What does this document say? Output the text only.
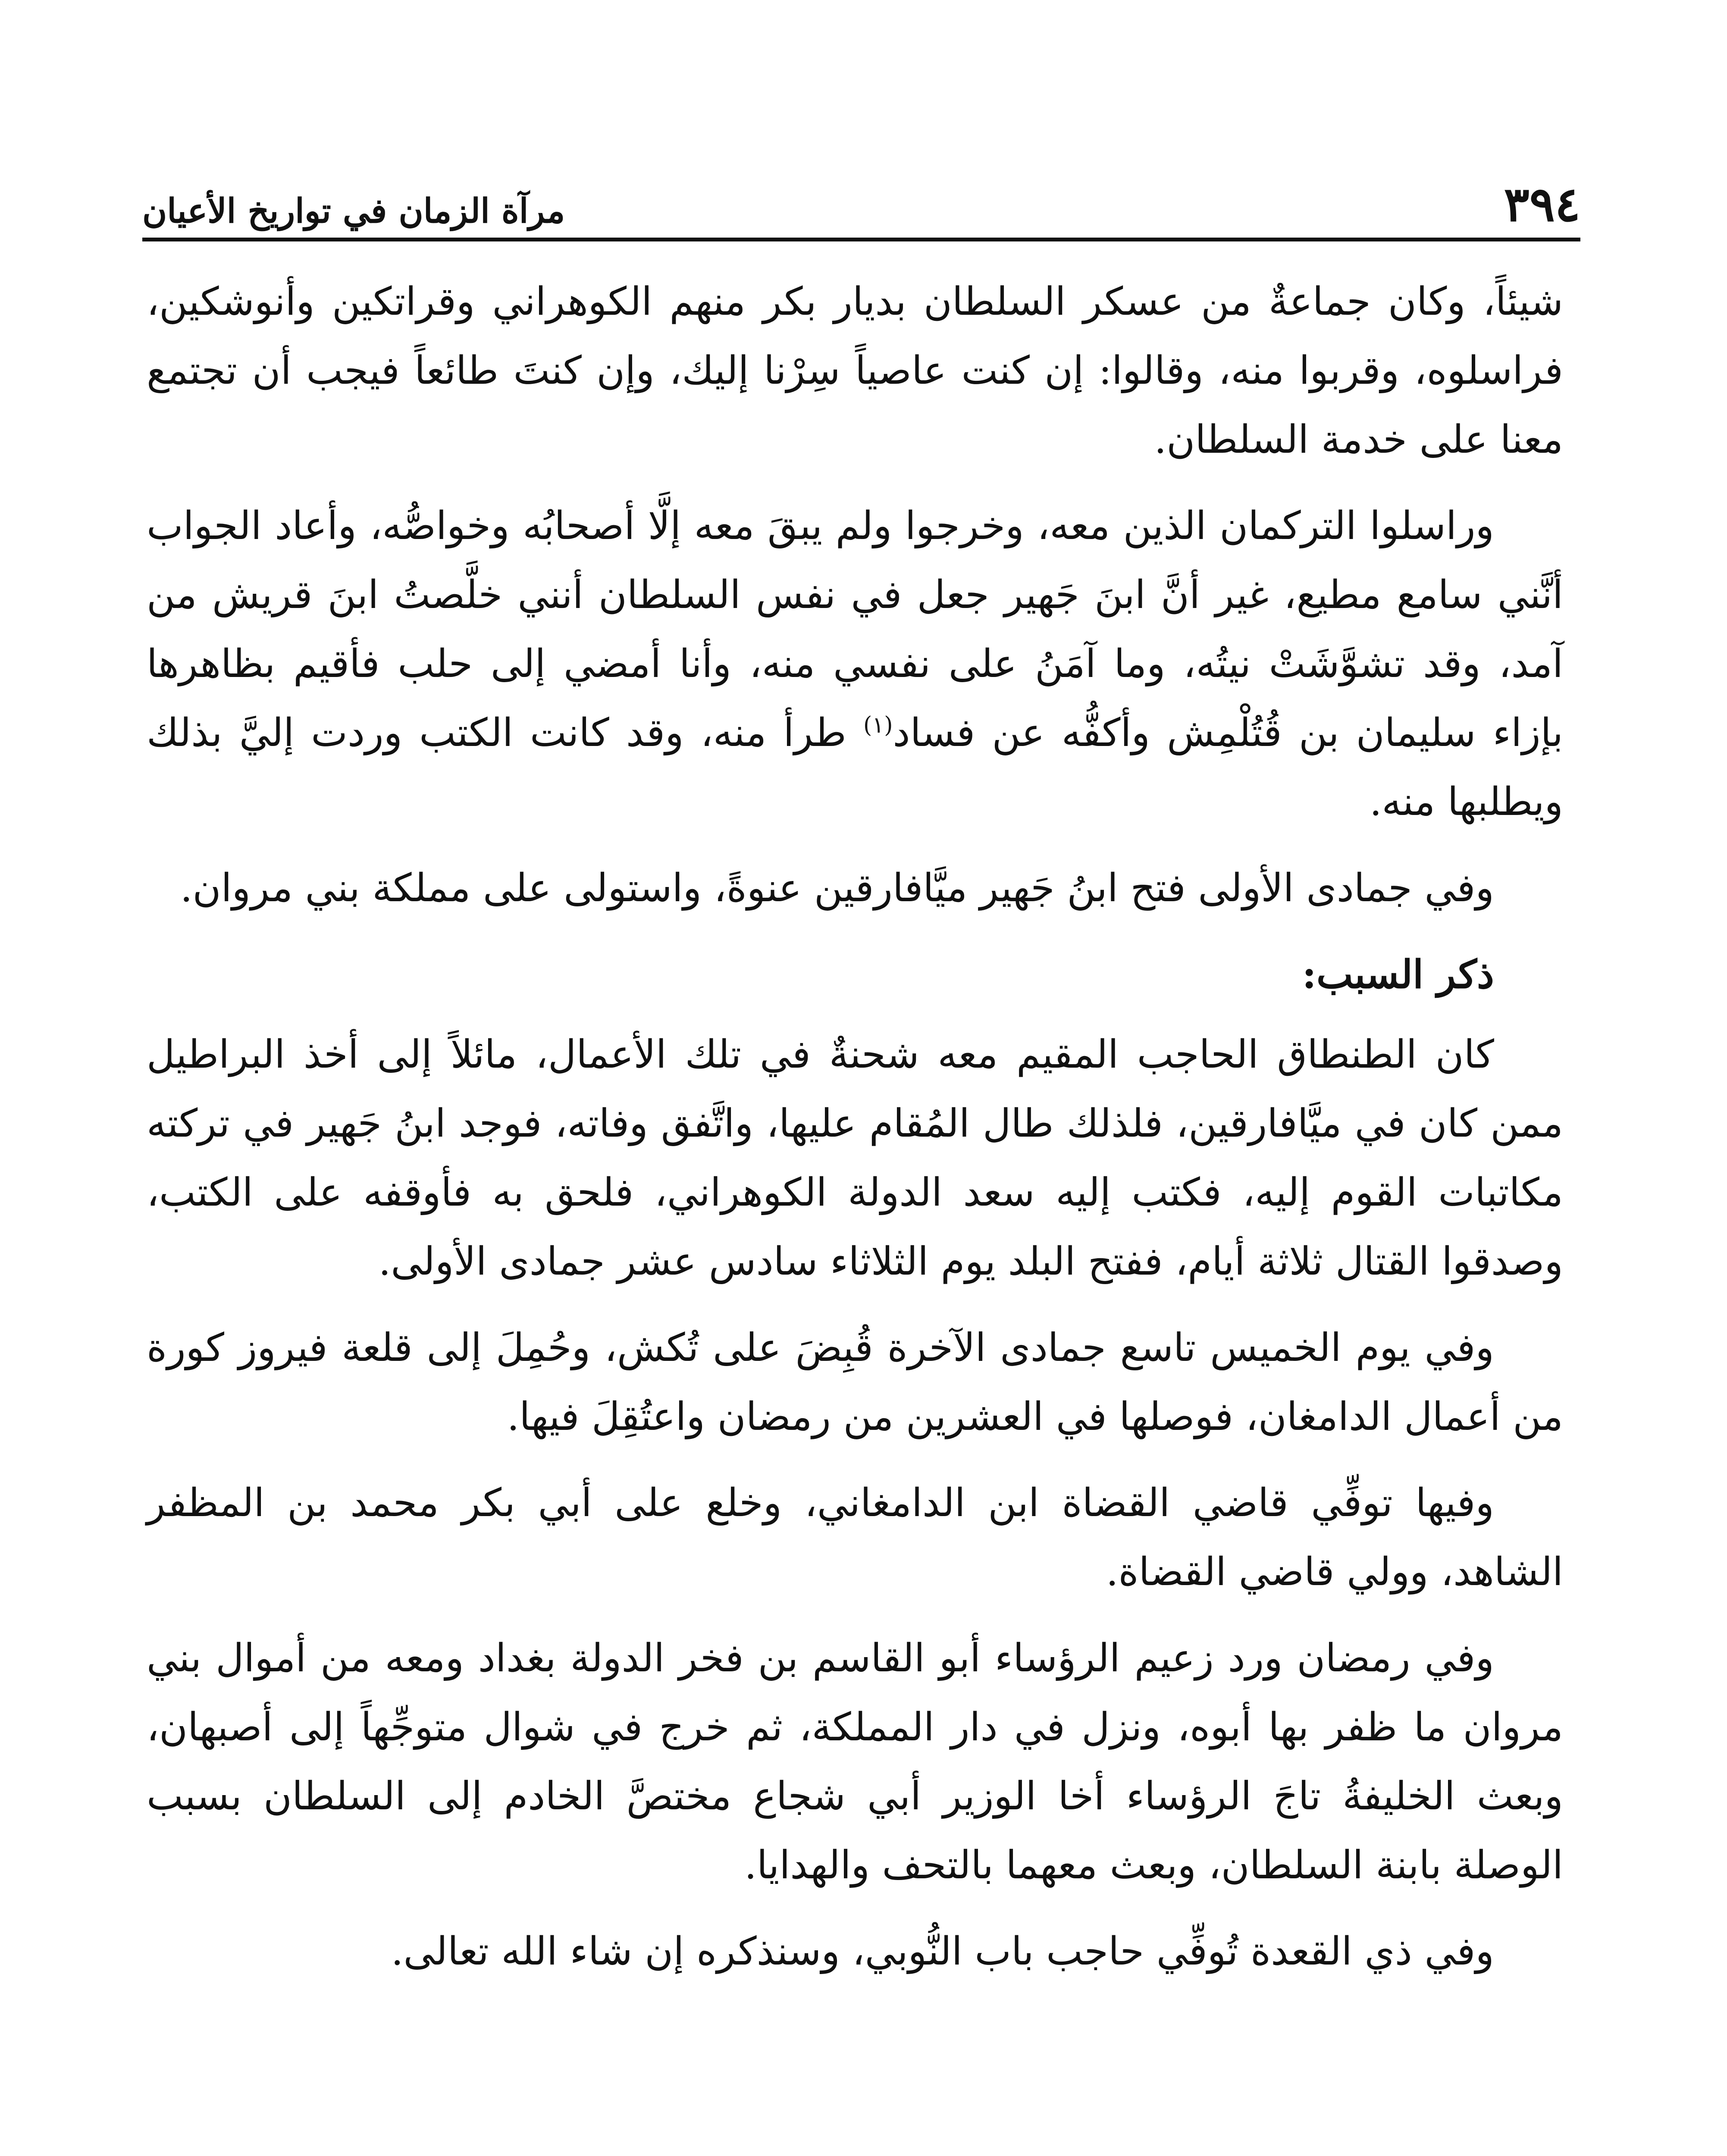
٣٩٤
مرآة الزمان في تواريخ الأعيان

شيئاً، وكان جماعةٌ من عسكر السلطان بديار بكر منهم الكوهراني وقراتكين وأنوشكين، فراسلوه، وقربوا منه، وقالوا: إن كنت عاصياً سِرْنا إليك، وإن كنتَ طائعاً فيجب أن تجتمع معنا على خدمة السلطان.

وراسلوا التركمان الذين معه، وخرجوا ولم يبقَ معه إلَّا أصحابُه وخواصُّه، وأعاد الجواب أنَّني سامع مطيع، غير أنَّ ابنَ جَهير جعل في نفس السلطان أنني خلَّصتُ ابنَ قريش من آمد، وقد تشوَّشَتْ نيتُه، وما آمَنُ على نفسي منه، وأنا أمضي إلى حلب فأقيم بظاهرها بإزاء سليمان بن قُتُلْمِش وأكفُّه عن فساد$^{(١)}$ طرأ منه، وقد كانت الكتب وردت إليَّ بذلك ويطلبها منه.

وفي جمادى الأولى فتح ابنُ جَهير ميَّافارقين عنوةً، واستولى على مملكة بني مروان.

ذكر السبب:

كان الطنطاق الحاجب المقيم معه شحنةٌ في تلك الأعمال، مائلاً إلى أخذ البراطيل ممن كان في ميَّافارقين، فلذلك طال المُقام عليها، واتَّفق وفاته، فوجد ابنُ جَهير في تركته مكاتبات القوم إليه، فكتب إليه سعد الدولة الكوهراني، فلحق به فأوقفه على الكتب، وصدقوا القتال ثلاثة أيام، ففتح البلد يوم الثلاثاء سادس عشر جمادى الأولى.

وفي يوم الخميس تاسع جمادى الآخرة قُبِضَ على تُكش، وحُمِلَ إلى قلعة فيروز كورة من أعمال الدامغان، فوصلها في العشرين من رمضان واعتُقِلَ فيها.

وفيها توفِّي قاضي القضاة ابن الدامغاني، وخلع على أبي بكر محمد بن المظفر الشاهد، وولي قاضي القضاة.

وفي رمضان ورد زعيم الرؤساء أبو القاسم بن فخر الدولة بغداد ومعه من أموال بني مروان ما ظفر بها أبوه، ونزل في دار المملكة، ثم خرج في شوال متوجِّهاً إلى أصبهان، وبعث الخليفةُ تاجَ الرؤساء أخا الوزير أبي شجاع مختصَّ الخادم إلى السلطان بسبب الوصلة بابنة السلطان، وبعث معهما بالتحف والهدايا.

وفي ذي القعدة تُوفِّي حاجب باب النُّوبي، وسنذكره إن شاء الله تعالى.
